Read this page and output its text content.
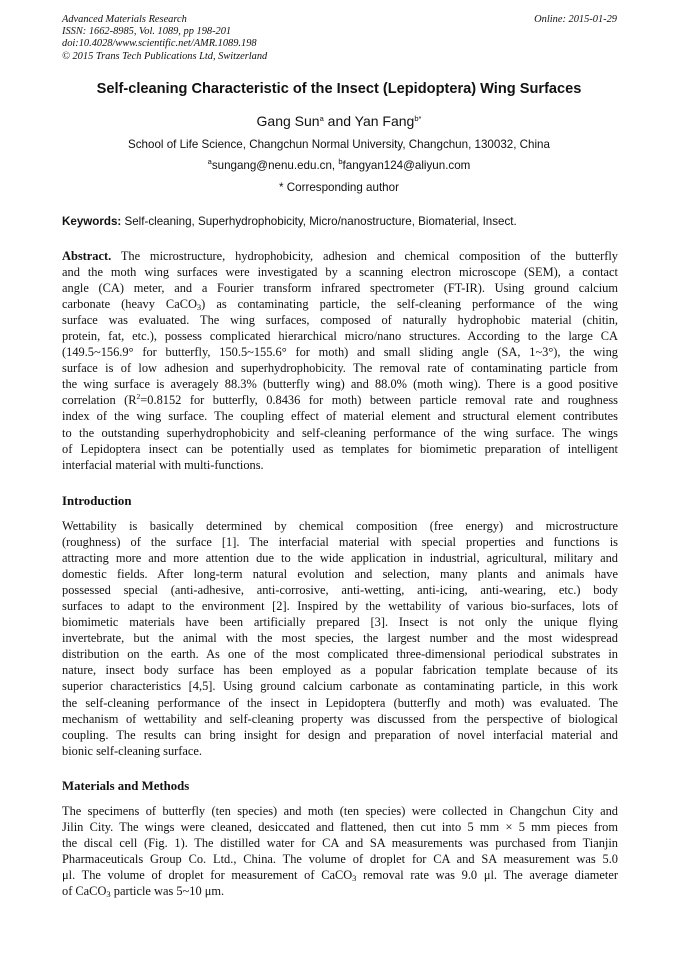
Advanced Materials Research
ISSN: 1662-8985, Vol. 1089, pp 198-201
doi:10.4028/www.scientific.net/AMR.1089.198
© 2015 Trans Tech Publications Ltd, Switzerland
Online: 2015-01-29
Self-cleaning Characteristic of the Insect (Lepidoptera) Wing Surfaces
Gang Sun$^a$ and Yan Fang$^{b*}$
School of Life Science, Changchun Normal University, Changchun, 130032, China
$^a$sungang@nenu.edu.cn, $^b$fangyan124@aliyun.com
* Corresponding author
Keywords: Self-cleaning, Superhydrophobicity, Micro/nanostructure, Biomaterial, Insect.
Abstract. The microstructure, hydrophobicity, adhesion and chemical composition of the butterfly
and the moth wing surfaces were investigated by a scanning electron microscope (SEM), a contact
angle (CA) meter, and a Fourier transform infrared spectrometer (FT-IR). Using ground calcium
carbonate (heavy CaCO$_3$) as contaminating particle, the self-cleaning performance of the wing
surface was evaluated. The wing surfaces, composed of naturally hydrophobic material (chitin,
protein, fat, etc.), possess complicated hierarchical micro/nano structures. According to the large CA
(149.5~156.9° for butterfly, 150.5~155.6° for moth) and small sliding angle (SA, 1~3°), the wing
surface is of low adhesion and superhydrophobicity. The removal rate of contaminating particle from
the wing surface is averagely 88.3% (butterfly wing) and 88.0% (moth wing). There is a good positive
correlation ($R^2=0.8152$ for butterfly, 0.8436 for moth) between particle removal rate and roughness
index of the wing surface. The coupling effect of material element and structural element contributes
to the outstanding superhydrophobicity and self-cleaning performance of the wing surface. The wings
of Lepidoptera insect can be potentially used as templates for biomimetic preparation of intelligent
interfacial material with multi-functions.
Introduction
Wettability is basically determined by chemical composition (free energy) and microstructure
(roughness) of the surface [1]. The interfacial material with special properties and functions is
attracting more and more attention due to the wide application in industrial, agricultural, military and
domestic fields. After long-term natural evolution and selection, many plants and animals have
possessed special (anti-adhesive, anti-corrosive, anti-wetting, anti-icing, anti-wearing, etc.) body
surfaces to adapt to the environment [2]. Inspired by the wettability of various bio-surfaces, lots of
biomimetic materials have been artificially prepared [3]. Insect is not only the unique flying
invertebrate, but the animal with the most species, the largest number and the most widespread
distribution on the earth. As one of the most complicated three-dimensional periodical substrates in
nature, insect body surface has been employed as a popular fabrication template because of its
superior characteristics [4,5]. Using ground calcium carbonate as contaminating particle, in this work
the self-cleaning performance of the insect in Lepidoptera (butterfly and moth) was evaluated. The
mechanism of wettability and self-cleaning property was discussed from the perspective of biological
coupling. The results can bring insight for design and preparation of novel interfacial material and
bionic self-cleaning surface.
Materials and Methods
The specimens of butterfly (ten species) and moth (ten species) were collected in Changchun City and
Jilin City. The wings were cleaned, desiccated and flattened, then cut into 5 mm × 5 mm pieces from
the discal cell (Fig. 1). The distilled water for CA and SA measurements was purchased from Tianjin
Pharmaceuticals Group Co. Ltd., China. The volume of droplet for CA and SA measurement was 5.0
μl. The volume of droplet for measurement of CaCO$_3$ removal rate was 9.0 μl. The average diameter
of CaCO$_3$ particle was 5~10 μm.
